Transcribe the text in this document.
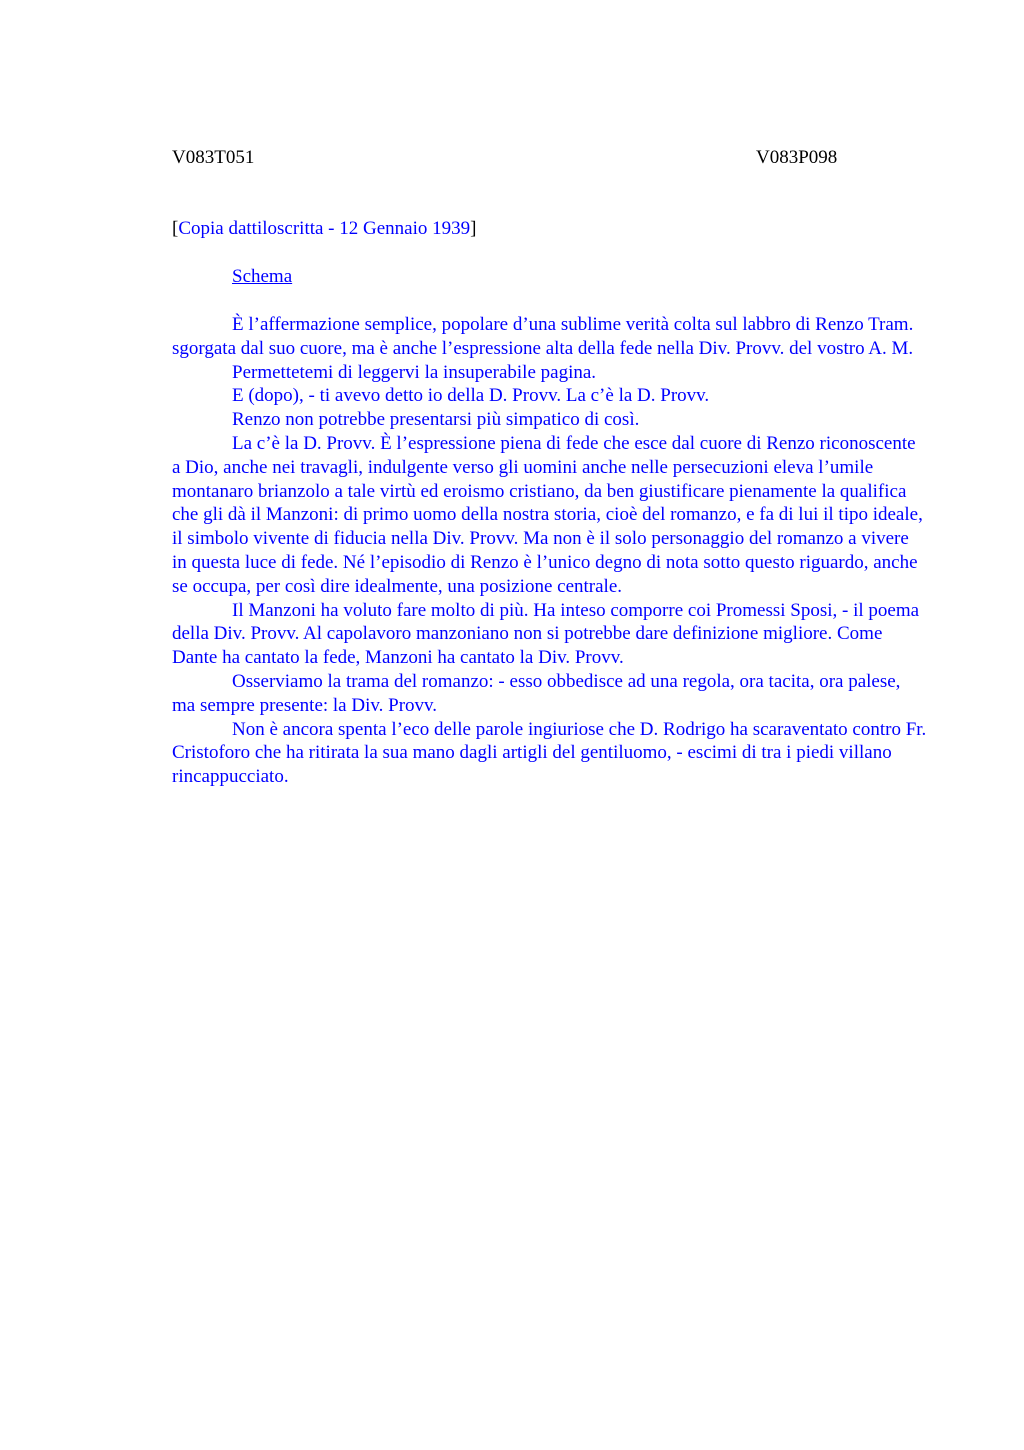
V083T051	V083P098
[Copia dattiloscritta - 12 Gennaio 1939]
Schema

È l’affermazione semplice, popolare d’una sublime verità colta sul labbro di Renzo Tram. sgorgata dal suo cuore, ma è anche l’espressione alta della fede nella Div. Provv. del vostro A. M.

Permettetemi di leggervi la insuperabile pagina.

E (dopo), - ti avevo detto io della D. Provv. La c’è la D. Provv.

Renzo non potrebbe presentarsi più simpatico di così.

La c’è la D. Provv. È l’espressione piena di fede che esce dal cuore di Renzo riconoscente a Dio, anche nei travagli, indulgente verso gli uomini anche nelle persecuzioni eleva l’umile montanaro brianzolo a tale virtù ed eroismo cristiano, da ben giustificare pienamente la qualifica che gli dà il Manzoni: di primo uomo della nostra storia, cioè del romanzo, e fa di lui il tipo ideale, il simbolo vivente di fiducia nella Div. Provv. Ma non è il solo personaggio del romanzo a vivere in questa luce di fede. Né l’episodio di Renzo è l’unico degno di nota sotto questo riguardo, anche se occupa, per così dire idealmente, una posizione centrale.

Il Manzoni ha voluto fare molto di più. Ha inteso comporre coi Promessi Sposi, - il poema della Div. Provv. Al capolavoro manzoniano non si potrebbe dare definizione migliore. Come Dante ha cantato la fede, Manzoni ha cantato la Div. Provv.

Osserviamo la trama del romanzo: - esso obbedisce ad una regola, ora tacita, ora palese, ma sempre presente: la Div. Provv.

Non è ancora spenta l’eco delle parole ingiuriose che D. Rodrigo ha scaraventato contro Fr. Cristoforo che ha ritirata la sua mano dagli artigli del gentiluomo, - escimi di tra i piedi villano rincappucciato.
